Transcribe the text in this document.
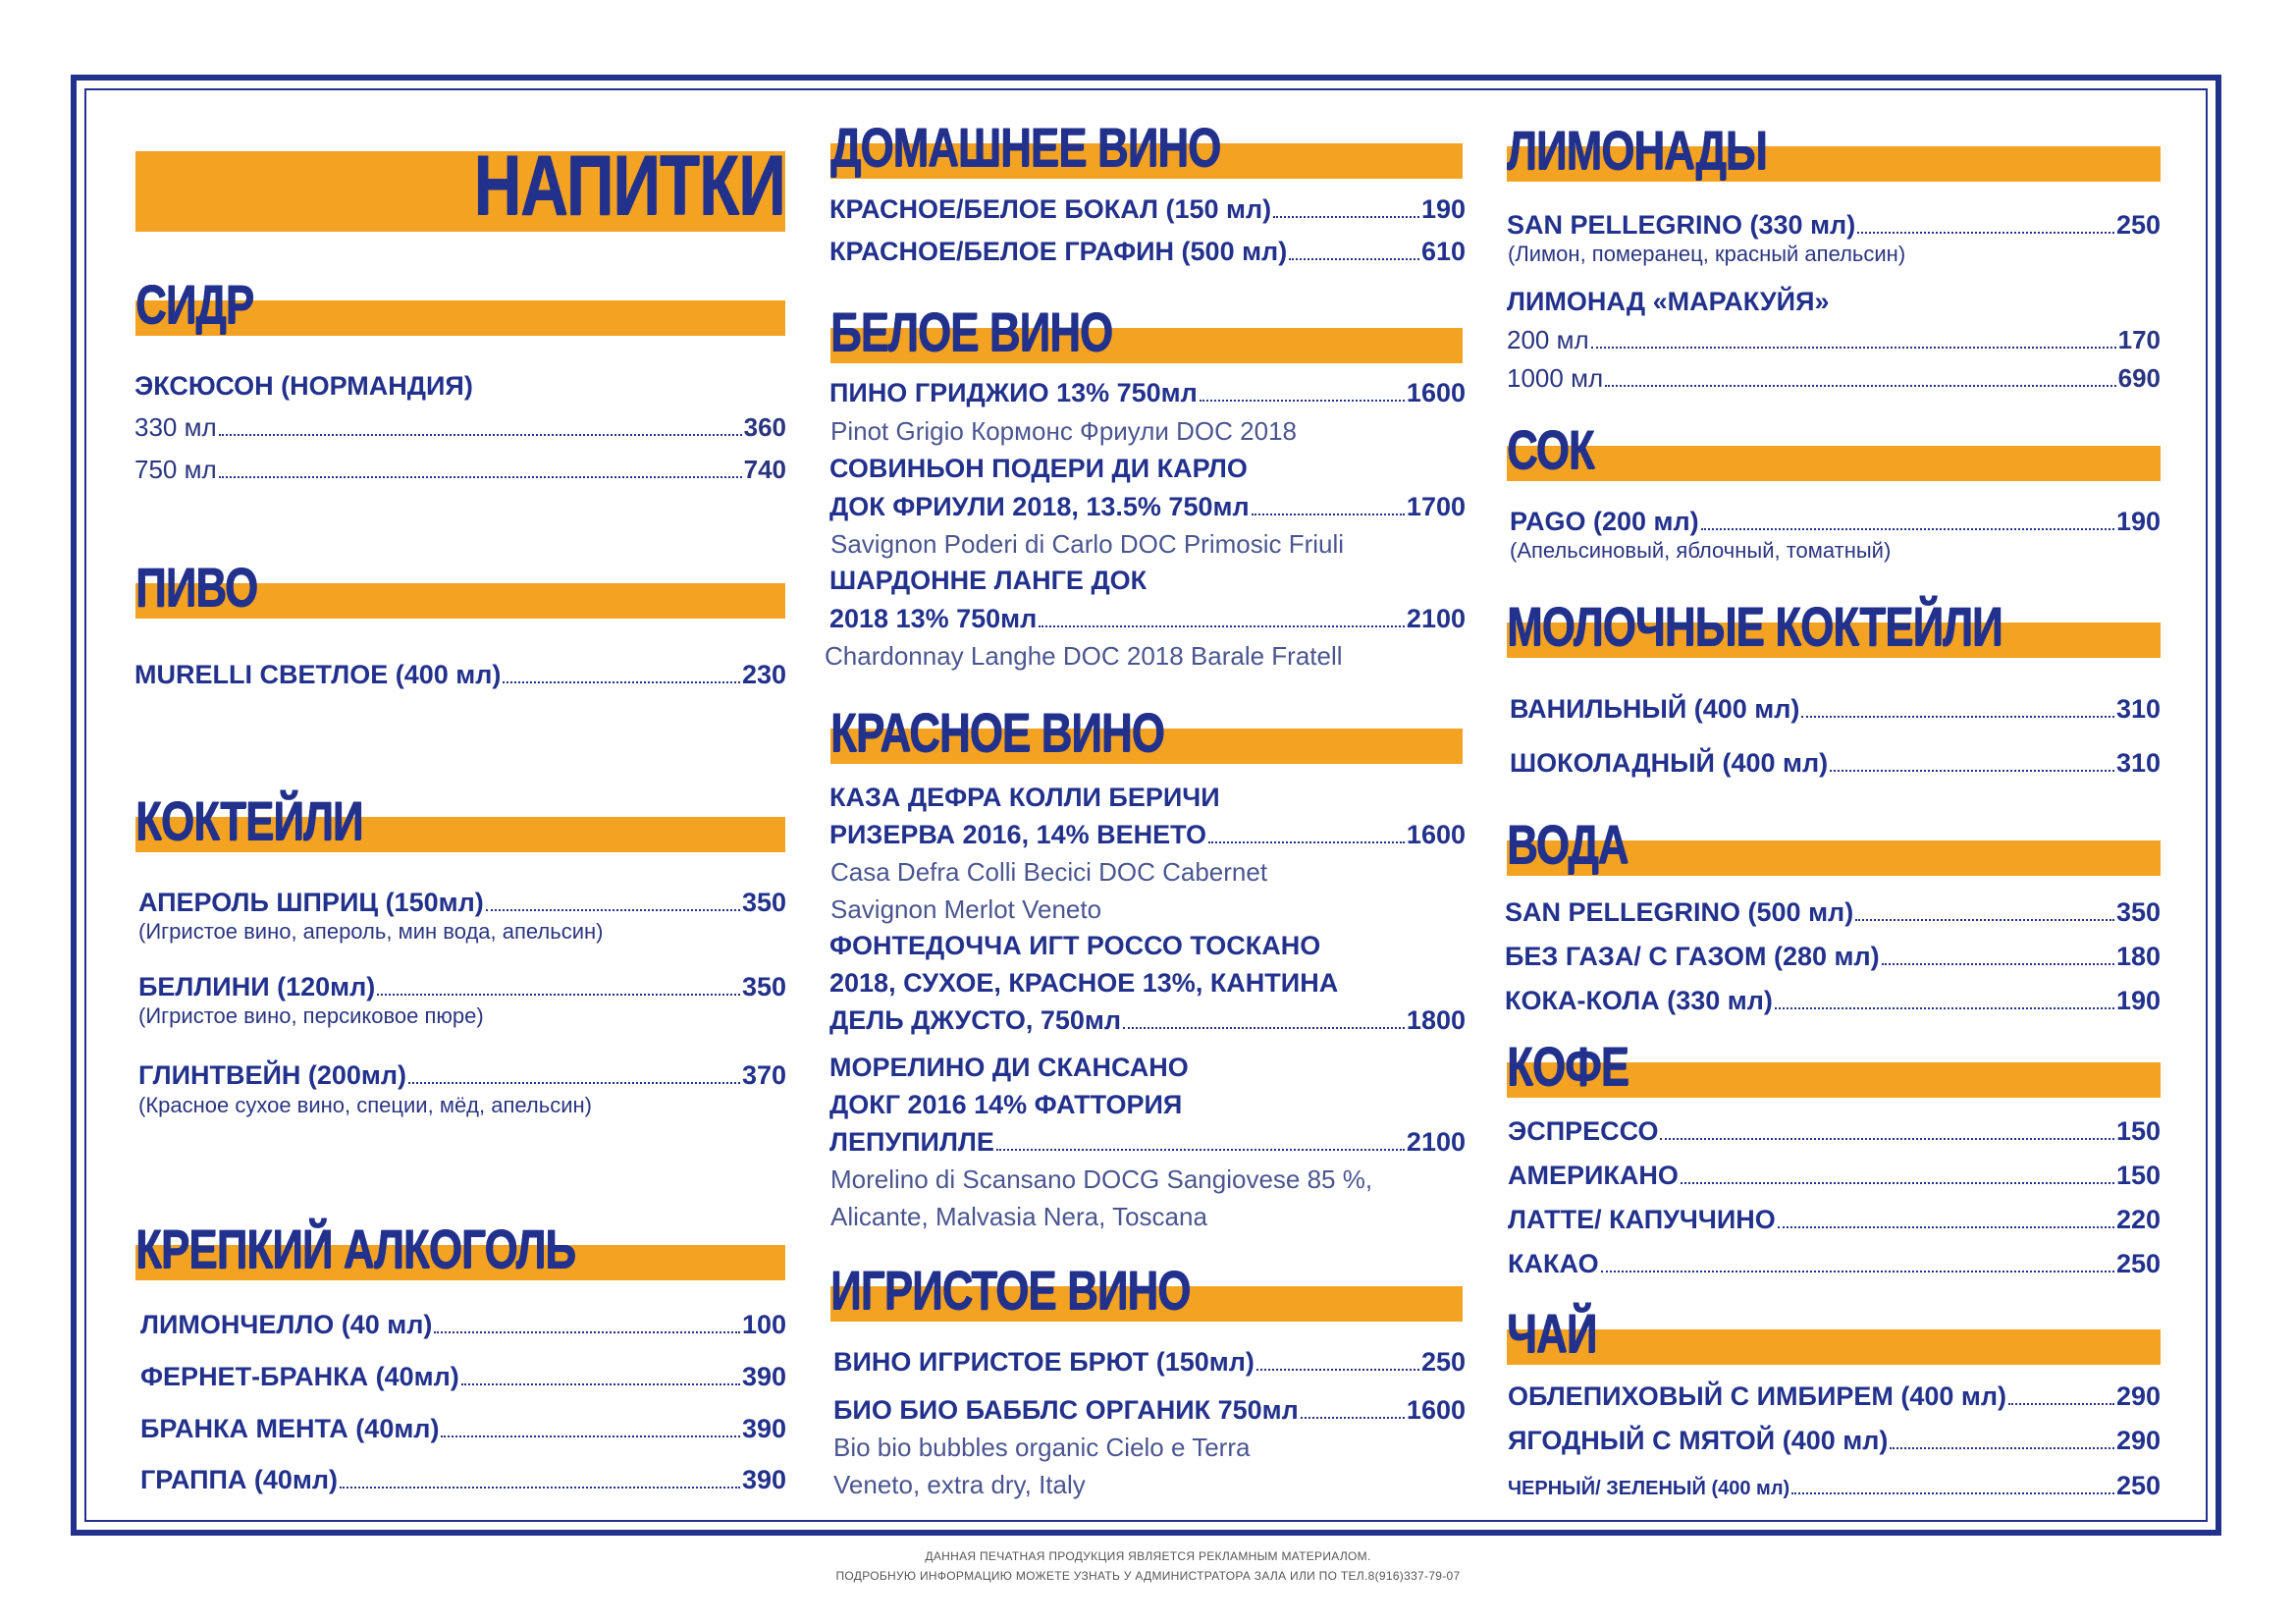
НАПИТКИ
СИДР
ЭКСЮСОН (НОРМАНДИЯ)
330 мл	360
750 мл	740
ПИВО
MURELLI СВЕТЛОЕ (400 мл)	230
КОКТЕЙЛИ
АПЕРОЛЬ ШПРИЦ (150мл)	350
(Игристое вино, апероль, мин вода, апельсин)
БЕЛЛИНИ (120мл)	350
(Игристое вино, персиковое пюре)
ГЛИНТВЕЙН (200мл)	370
(Красное сухое вино, специи, мёд, апельсин)
КРЕПКИЙ АЛКОГОЛЬ
ЛИМОНЧЕЛЛО (40 мл)	100
ФЕРНЕТ-БРАНКА (40мл)	390
БРАНКА МЕНТА (40мл)	390
ГРАППА (40мл)	390
ДОМАШНЕЕ ВИНО
КРАСНОЕ/БЕЛОЕ БОКАЛ (150 мл)	190
КРАСНОЕ/БЕЛОЕ ГРАФИН (500 мл)	610
БЕЛОЕ ВИНО
ПИНО ГРИДЖИО 13% 750мл	1600
Pinot Grigio Кормонс Фриули DOC 2018
СОВИНЬОН ПОДЕРИ ДИ КАРЛО
ДОК ФРИУЛИ 2018, 13.5% 750мл	1700
Savignon Poderi di Carlo DOC Primosic Friuli
ШАРДОННЕ ЛАНГЕ ДОК
2018 13% 750мл	2100
Chardonnay Langhe DOC 2018 Barale Fratell
КРАСНОЕ ВИНО
КАЗА ДЕФРА КОЛЛИ БЕРИЧИ
РИЗЕРВА 2016, 14% ВЕНЕТО	1600
Casa Defra Colli Becici DOC Cabernet
Savignon Merlot Veneto
ФОНТЕДОЧЧА ИГТ РОССО ТОСКАНО
2018, СУХОЕ, КРАСНОЕ 13%, КАНТИНА
ДЕЛЬ ДЖУСТО, 750мл	1800
МОРЕЛИНО ДИ СКАНСАНО
ДОКГ 2016 14% ФАТТОРИЯ
ЛЕПУПИЛЛЕ	2100
Morelino di Scansano DOCG Sangiovese 85 %,
Alicante, Malvasia Nera, Toscana
ИГРИСТОЕ ВИНО
ВИНО ИГРИСТОЕ БРЮТ (150мл)	250
БИО БИО БАББЛС ОРГАНИК 750мл	1600
Bio bio bubbles organic Cielo e Terra
Veneto, extra dry, Italy
ЛИМОНАДЫ
SAN PELLEGRINO (330 мл)	250
(Лимон, померанец, красный апельсин)
ЛИМОНАД «МАРАКУЙЯ»
200 мл	170
1000 мл	690
СОК
PAGO (200 мл)	190
(Апельсиновый, яблочный, томатный)
МОЛОЧНЫЕ КОКТЕЙЛИ
ВАНИЛЬНЫЙ (400 мл)	310
ШОКОЛАДНЫЙ (400 мл)	310
ВОДА
SAN PELLEGRINO (500 мл)	350
БЕЗ ГАЗА/ С ГАЗОМ (280 мл)	180
КОКА-КОЛА (330 мл)	190
КОФЕ
ЭСПРЕССО	150
АМЕРИКАНО	150
ЛАТТЕ/ КАПУЧЧИНО	220
КАКАО	250
ЧАЙ
ОБЛЕПИХОВЫЙ С ИМБИРЕМ (400 мл)	290
ЯГОДНЫЙ С МЯТОЙ (400 мл)	290
ЧЕРНЫЙ/ ЗЕЛЕНЫЙ (400 мл)	250
ДАННАЯ ПЕЧАТНАЯ ПРОДУКЦИЯ ЯВЛЯЕТСЯ РЕКЛАМНЫМ МАТЕРИАЛОМ.
ПОДРОБНУЮ ИНФОРМАЦИЮ МОЖЕТЕ УЗНАТЬ У АДМИНИСТРАТОРА ЗАЛА ИЛИ ПО ТЕЛ.8(916)337-79-07
